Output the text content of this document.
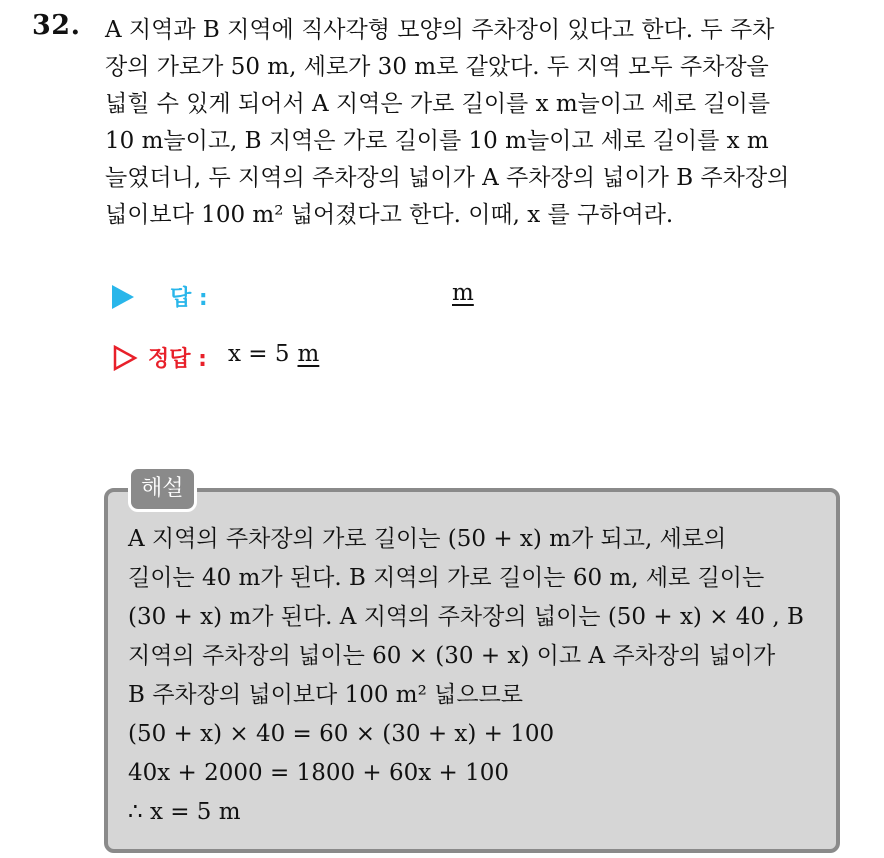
32. A 지역과 B 지역에 직사각형 모양의 주차장이 있다고 한다. 두 주차
장의 가로가 50 m, 세로가 30 m로 같았다. 두 지역 모두 주차장을
넓힐 수 있게 되어서 A 지역은 가로 길이를 x m늘이고 세로 길이를
10 m늘이고, B 지역은 가로 길이를 10 m늘이고 세로 길이를 x m
늘였더니, 두 지역의 주차장의 넓이가 A 주차장의 넓이가 B 주차장의
넓이보다 100 m² 넓어졌다고 한다. 이때, x 를 구하여라.
답 :	m
정답 : x = 5 m
해설
A 지역의 주차장의 가로 길이는 (50 + x) m가 되고, 세로의
길이는 40 m가 된다. B 지역의 가로 길이는 60 m, 세로 길이는
(30 + x) m가 된다. A 지역의 주차장의 넓이는 (50 + x) × 40 , B
지역의 주차장의 넓이는 60 × (30 + x) 이고 A 주차장의 넓이가
B 주차장의 넓이보다 100 m² 넓으므로
(50 + x) × 40 = 60 × (30 + x) + 100
40x + 2000 = 1800 + 60x + 100
∴ x = 5 m
